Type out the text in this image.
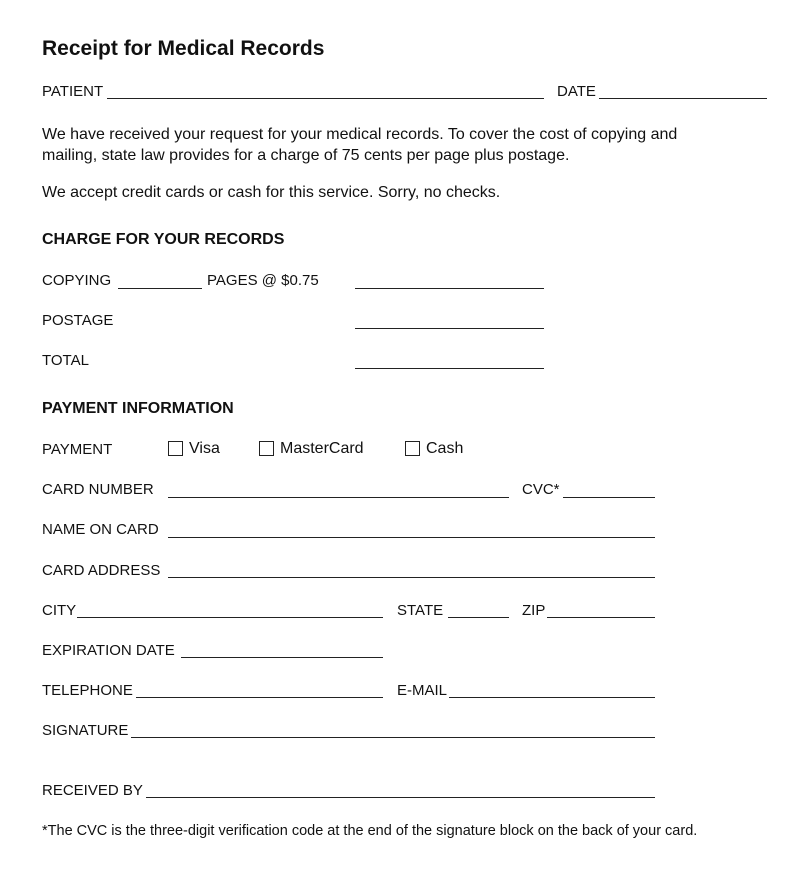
Receipt for Medical Records
PATIENT	DATE
We have received your request for your medical records. To cover the cost of copying and
mailing, state law provides for a charge of 75 cents per page plus postage.
We accept credit cards or cash for this service. Sorry, no checks.
CHARGE FOR YOUR RECORDS
COPYING	PAGES @ $0.75
POSTAGE
TOTAL
PAYMENT INFORMATION
PAYMENT	Visa	MasterCard	Cash
CARD NUMBER	CVC*
NAME ON CARD
CARD ADDRESS
CITY	STATE	ZIP
EXPIRATION DATE
TELEPHONE	E-MAIL
SIGNATURE
RECEIVED BY
*The CVC is the three-digit verification code at the end of the signature block on the back of your card.
